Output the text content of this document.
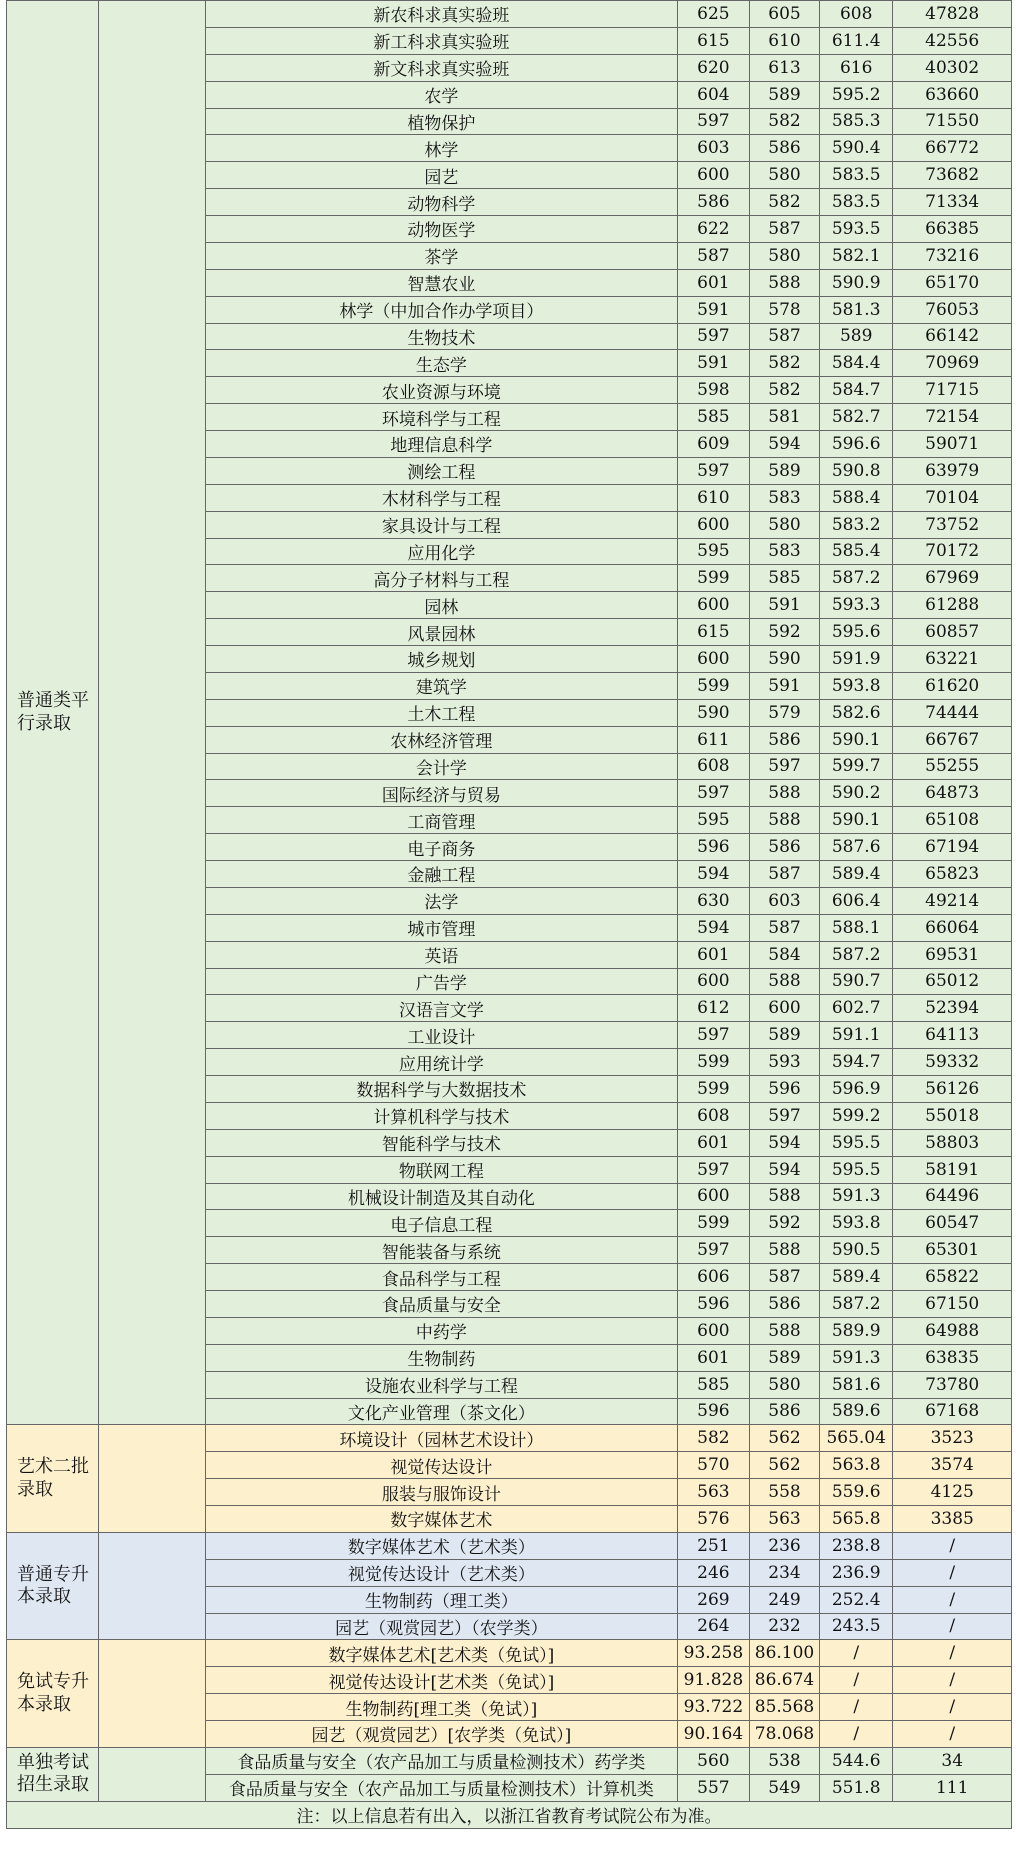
普通类平 行录取		新农科求真实验班	625	605	608	47828
		新工科求真实验班	615	610	611.4	42556
		新文科求真实验班	620	613	616	40302
		农学	604	589	595.2	63660
		植物保护	597	582	585.3	71550
		林学	603	586	590.4	66772
		园艺	600	580	583.5	73682
		动物科学	586	582	583.5	71334
		动物医学	622	587	593.5	66385
		茶学	587	580	582.1	73216
		智慧农业	601	588	590.9	65170
		林学（中加合作办学项目）	591	578	581.3	76053
		生物技术	597	587	589	66142
		生态学	591	582	584.4	70969
		农业资源与环境	598	582	584.7	71715
		环境科学与工程	585	581	582.7	72154
		地理信息科学	609	594	596.6	59071
		测绘工程	597	589	590.8	63979
		木材科学与工程	610	583	588.4	70104
		家具设计与工程	600	580	583.2	73752
		应用化学	595	583	585.4	70172
		高分子材料与工程	599	585	587.2	67969
		园林	600	591	593.3	61288
		风景园林	615	592	595.6	60857
		城乡规划	600	590	591.9	63221
		建筑学	599	591	593.8	61620
		土木工程	590	579	582.6	74444
		农林经济管理	611	586	590.1	66767
		会计学	608	597	599.7	55255
		国际经济与贸易	597	588	590.2	64873
		工商管理	595	588	590.1	65108
		电子商务	596	586	587.6	67194
		金融工程	594	587	589.4	65823
		法学	630	603	606.4	49214
		城市管理	594	587	588.1	66064
		英语	601	584	587.2	69531
		广告学	600	588	590.7	65012
		汉语言文学	612	600	602.7	52394
		工业设计	597	589	591.1	64113
		应用统计学	599	593	594.7	59332
		数据科学与大数据技术	599	596	596.9	56126
		计算机科学与技术	608	597	599.2	55018
		智能科学与技术	601	594	595.5	58803
		物联网工程	597	594	595.5	58191
		机械设计制造及其自动化	600	588	591.3	64496
		电子信息工程	599	592	593.8	60547
		智能装备与系统	597	588	590.5	65301
		食品科学与工程	606	587	589.4	65822
		食品质量与安全	596	586	587.2	67150
		中药学	600	588	589.9	64988
		生物制药	601	589	591.3	63835
		设施农业科学与工程	585	580	581.6	73780
		文化产业管理（茶文化）	596	586	589.6	67168
艺术二批 录取		环境设计（园林艺术设计）	582	562	565.04	3523
		视觉传达设计	570	562	563.8	3574
		服装与服饰设计	563	558	559.6	4125
		数字媒体艺术	576	563	565.8	3385
普通专升 本录取		数字媒体艺术（艺术类）	251	236	238.8	/
		视觉传达设计（艺术类）	246	234	236.9	/
		生物制药（理工类）	269	249	252.4	/
		园艺（观赏园艺）（农学类）	264	232	243.5	/
免试专升 本录取		数字媒体艺术[艺术类（免试）]	93.258	86.100	/	/
		视觉传达设计[艺术类（免试）]	91.828	86.674	/	/
		生物制药[理工类（免试）]	93.722	85.568	/	/
		园艺（观赏园艺）[农学类（免试）]	90.164	78.068	/	/
单独考试 招生录取		食品质量与安全（农产品加工与质量检测技术）药学类	560	538	544.6	34
		食品质量与安全（农产品加工与质量检测技术）计算机类	557	549	551.8	111
注：以上信息若有出入，以浙江省教育考试院公布为准。						
